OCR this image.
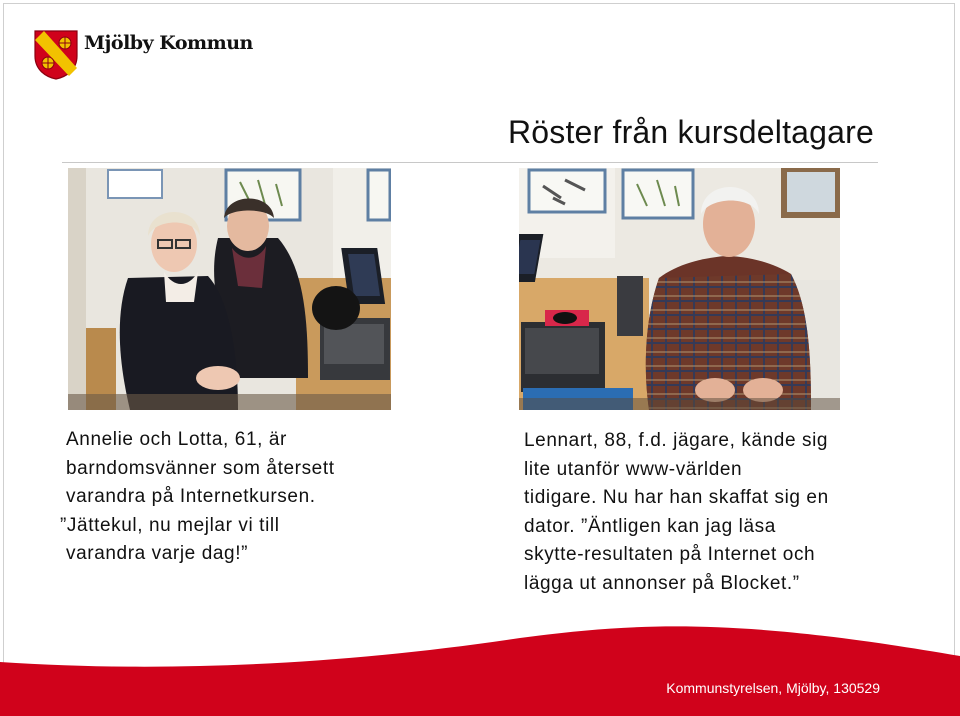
Mjölby Kommun
Röster från kursdeltagare

Annelie och Lotta, 61, är

barndomsvänner som återsett

varandra på Internetkursen.

”Jättekul, nu mejlar vi till

varandra varje dag!”

Lennart, 88, f.d. jägare, kände sig

lite utanför www-världen

tidigare. Nu har han skaffat sig en

dator. ”Äntligen kan jag läsa

skytte-resultaten på Internet och

lägga ut annonser på Blocket.”

Kommunstyrelsen, Mjölby, 130529
